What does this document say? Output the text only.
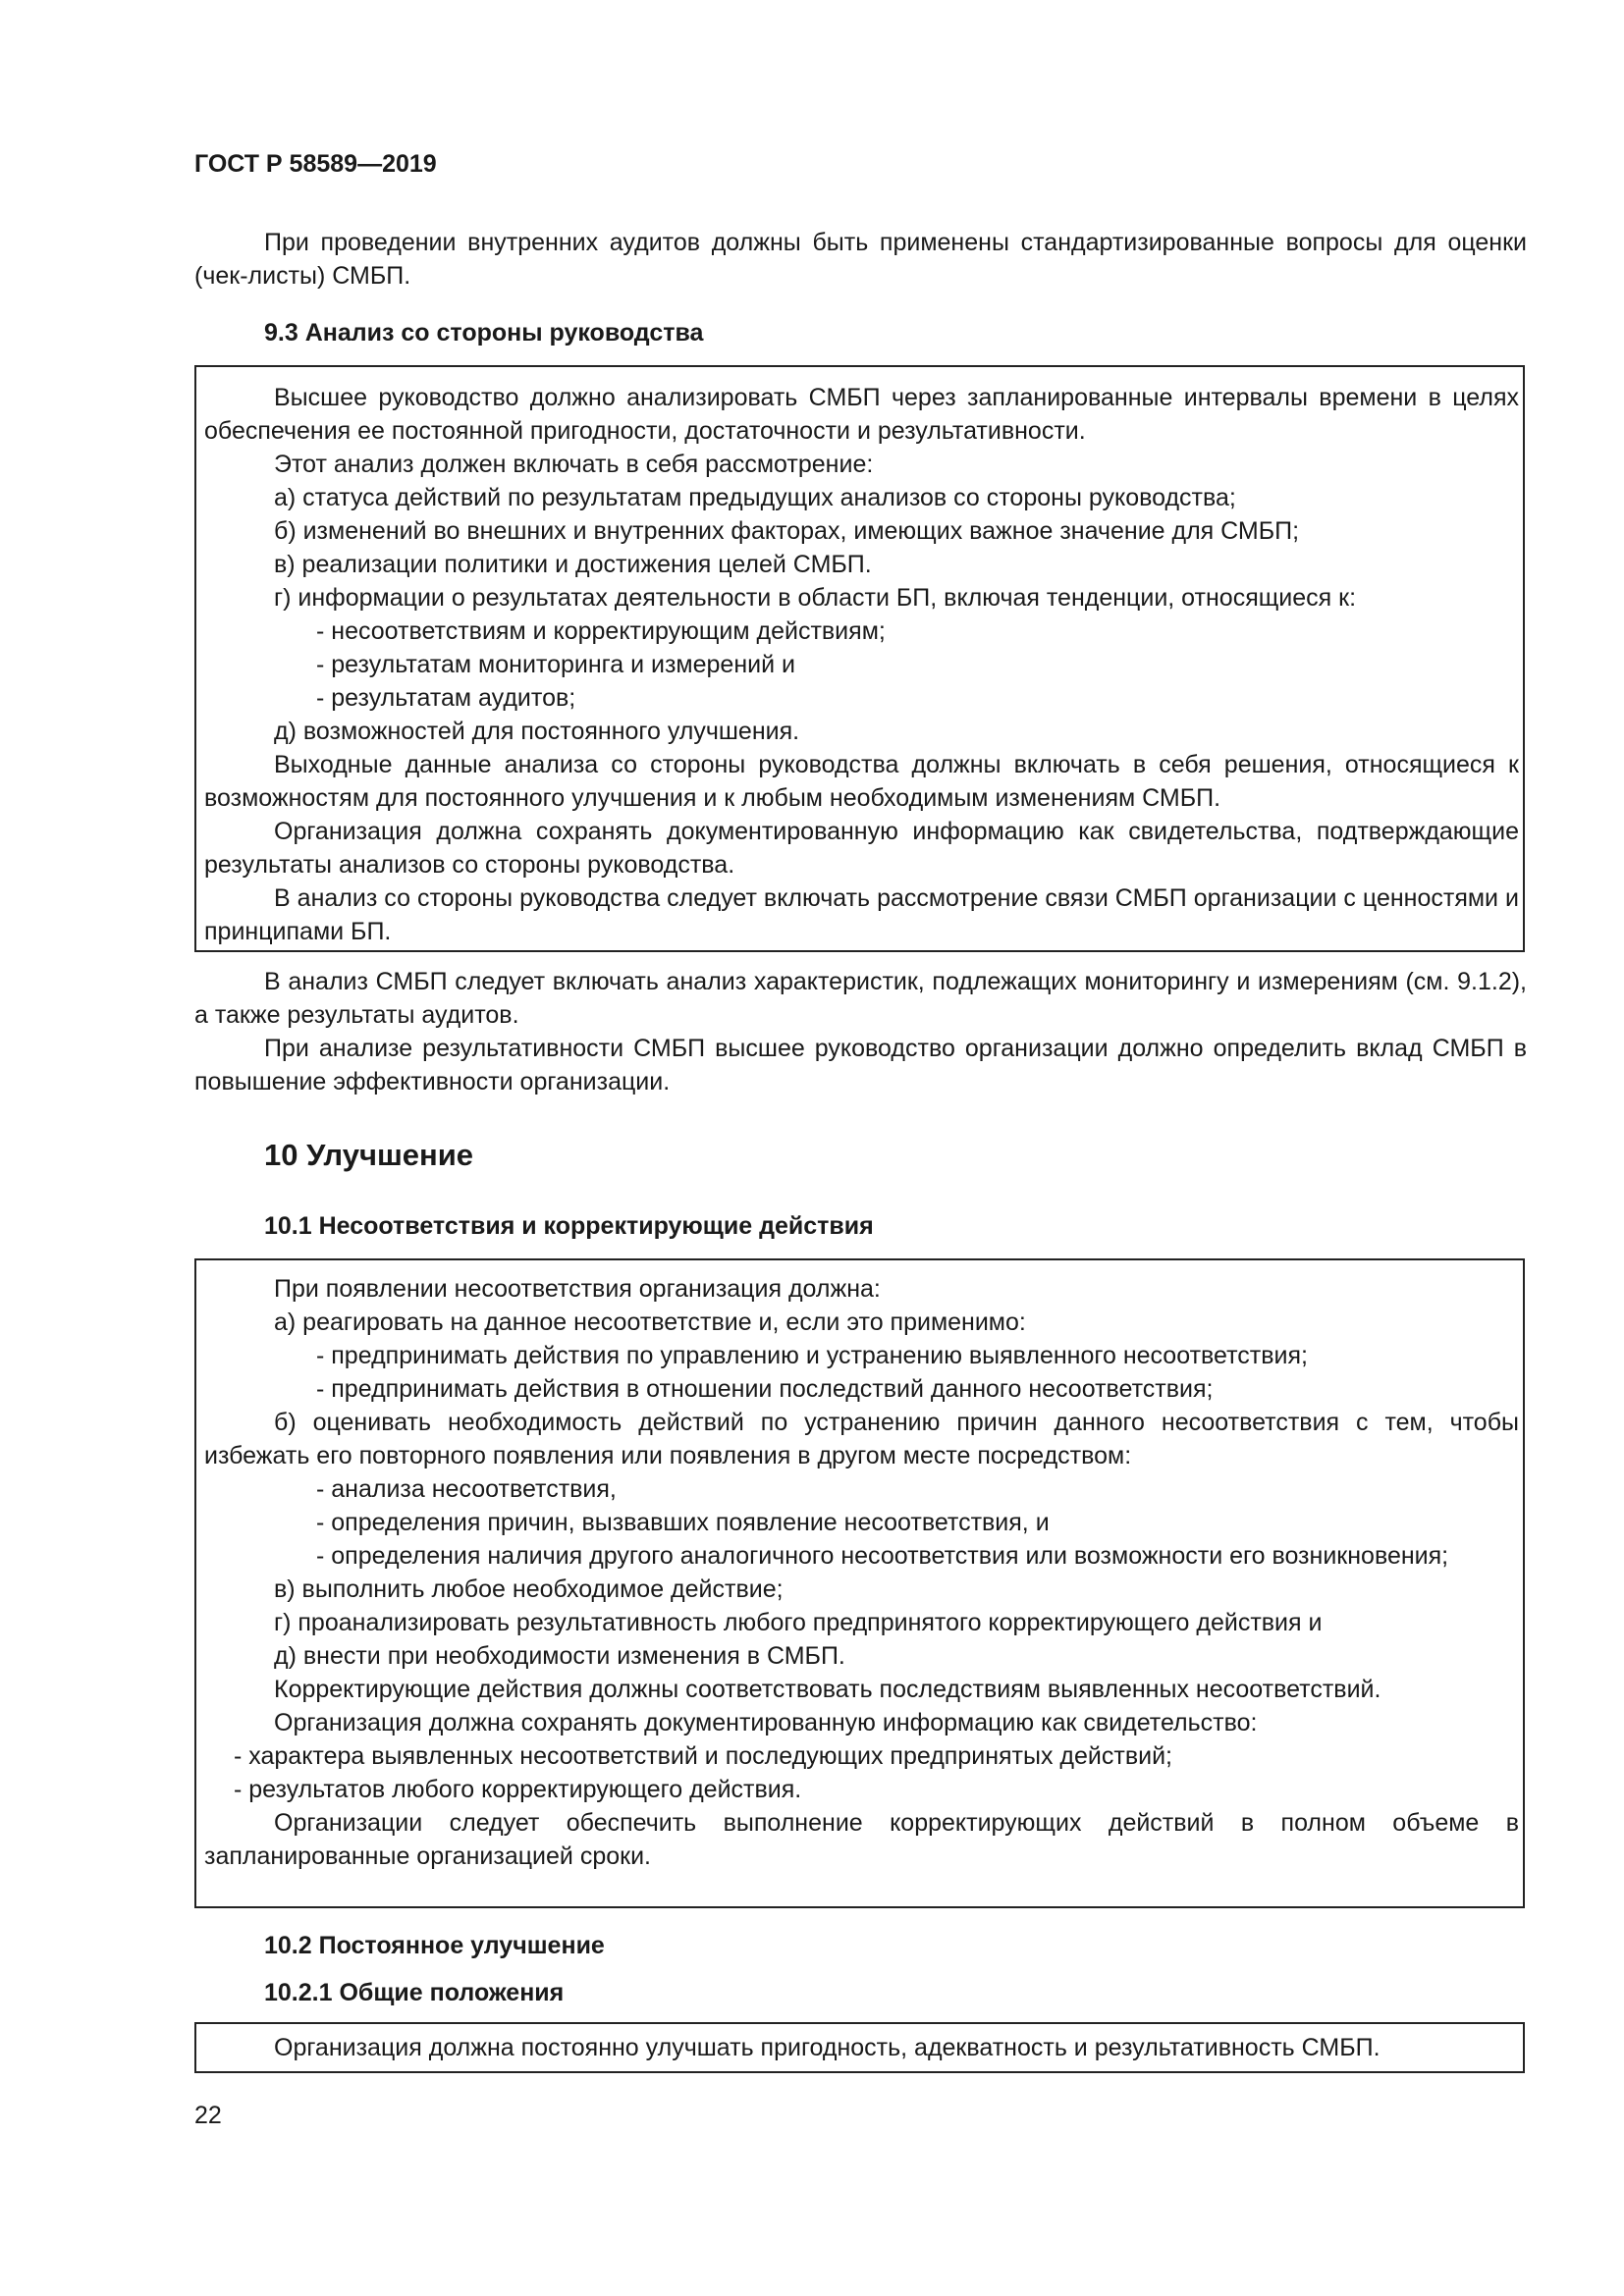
ГОСТ Р 58589—2019

При проведении внутренних аудитов должны быть применены стандартизированные вопросы для оценки (чек-листы) СМБП.

9.3 Анализ со стороны руководства

Высшее руководство должно анализировать СМБП через запланированные интервалы времени в целях обеспечения ее постоянной пригодности, достаточности и результативности.

Этот анализ должен включать в себя рассмотрение:

а) статуса действий по результатам предыдущих анализов со стороны руководства;

б) изменений во внешних и внутренних факторах, имеющих важное значение для СМБП;

в) реализации политики и достижения целей СМБП.

г) информации о результатах деятельности в области БП, включая тенденции, относящиеся к:

- несоответствиям и корректирующим действиям;

- результатам мониторинга и измерений и

- результатам аудитов;

д) возможностей для постоянного улучшения.

Выходные данные анализа со стороны руководства должны включать в себя решения, относящиеся к возможностям для постоянного улучшения и к любым необходимым изменениям СМБП.

Организация должна сохранять документированную информацию как свидетельства, подтверждающие результаты анализов со стороны руководства.

В анализ со стороны руководства следует включать рассмотрение связи СМБП организации с ценностями и принципами БП.

В анализ СМБП следует включать анализ характеристик, подлежащих мониторингу и измерениям (см. 9.1.2), а также результаты аудитов.

При анализе результативности СМБП высшее руководство организации должно определить вклад СМБП в повышение эффективности организации.

10 Улучшение
10.1 Несоответствия и корректирующие действия

При появлении несоответствия организация должна:

а) реагировать на данное несоответствие и, если это применимо:

- предпринимать действия по управлению и устранению выявленного несоответствия;

- предпринимать действия в отношении последствий данного несоответствия;

б) оценивать необходимость действий по устранению причин данного несоответствия с тем, чтобы избежать его повторного появления или появления в другом месте посредством:

- анализа несоответствия,

- определения причин, вызвавших появление несоответствия, и

- определения наличия другого аналогичного несоответствия или возможности его возникновения;

в) выполнить любое необходимое действие;

г) проанализировать результативность любого предпринятого корректирующего действия и

д) внести при необходимости изменения в СМБП.

Корректирующие действия должны соответствовать последствиям выявленных несоответствий.

Организация должна сохранять документированную информацию как свидетельство:

- характера выявленных несоответствий и последующих предпринятых действий;

- результатов любого корректирующего действия.

Организации следует обеспечить выполнение корректирующих действий в полном объеме в запланированные организацией сроки.

10.2 Постоянное улучшение
10.2.1 Общие положения

Организация должна постоянно улучшать пригодность, адекватность и результативность СМБП.

22
